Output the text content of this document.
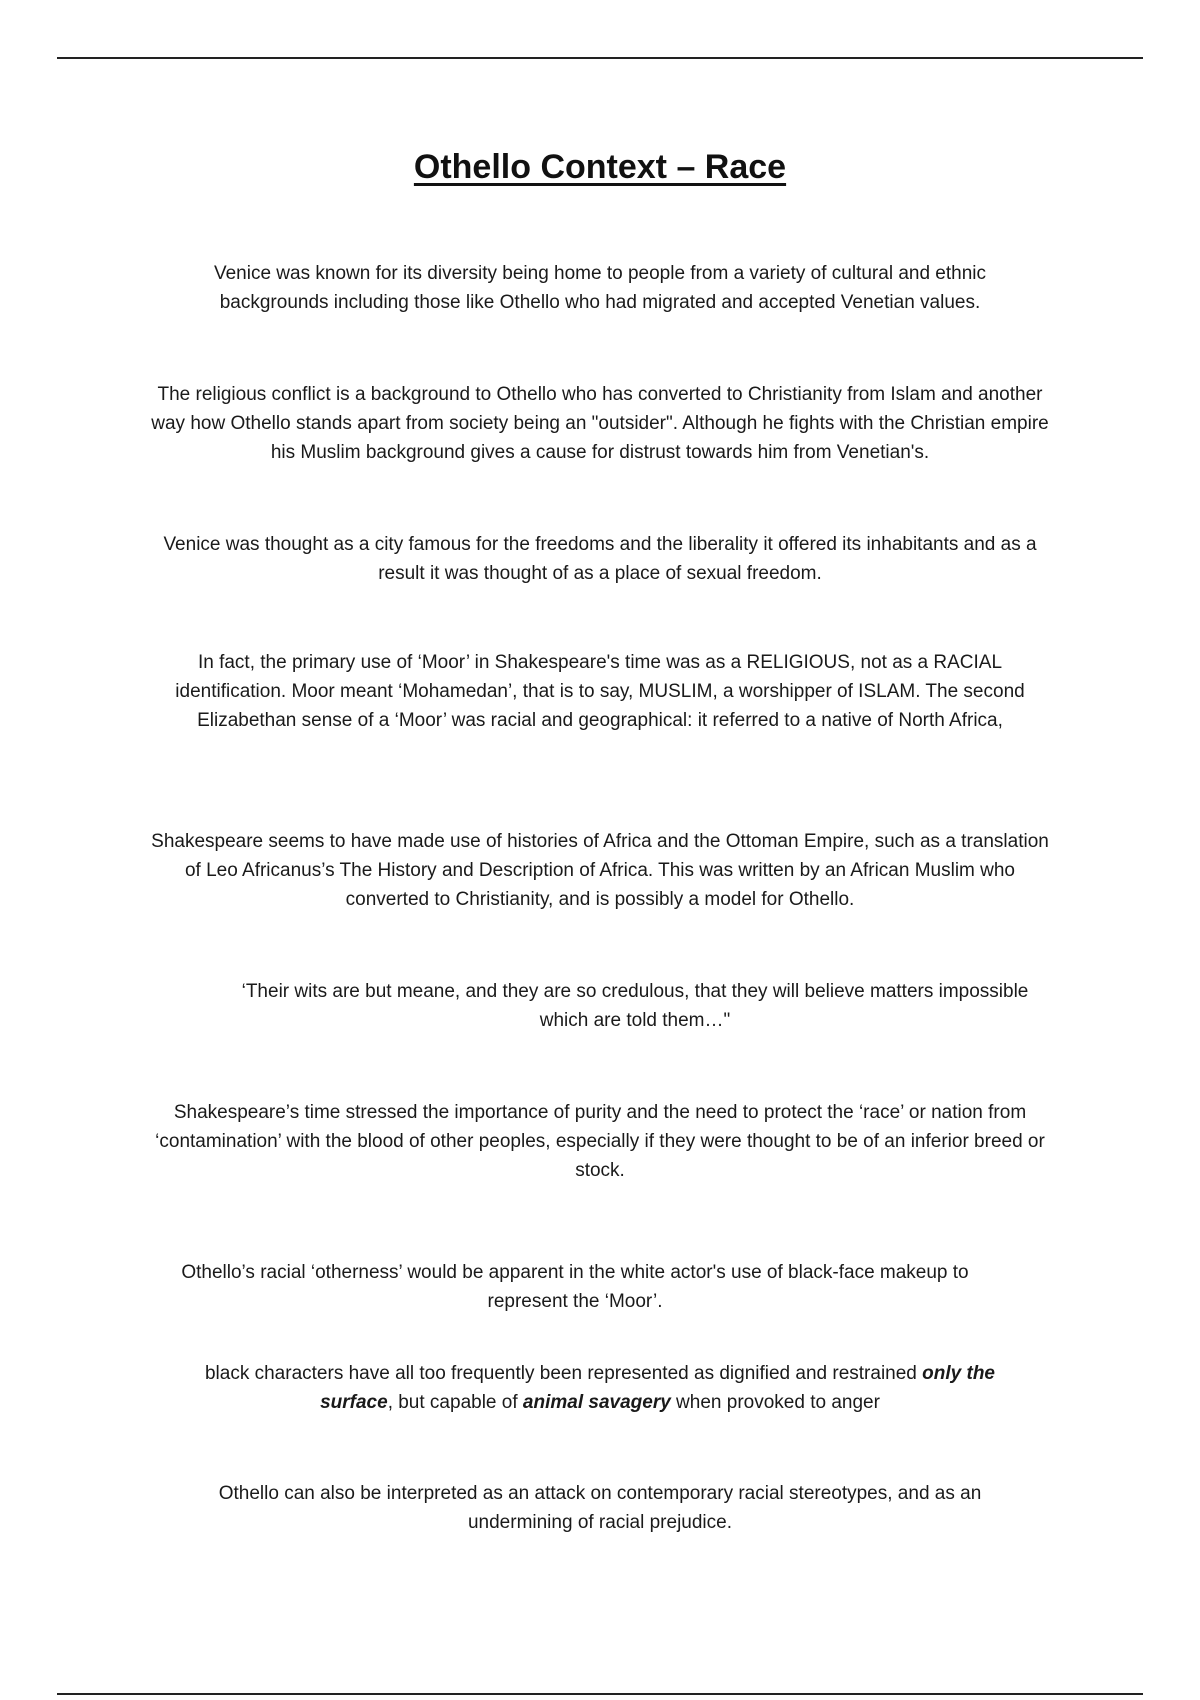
Othello Context – Race

Venice was known for its diversity being home to people from a variety of cultural and ethnic backgrounds including those like Othello who had migrated and accepted Venetian values.

The religious conflict is a background to Othello who has converted to Christianity from Islam and another way how Othello stands apart from society being an "outsider". Although he fights with the Christian empire his Muslim background gives a cause for distrust towards him from Venetian's.

Venice was thought as a city famous for the freedoms and the liberality it offered its inhabitants and as a result it was thought of as a place of sexual freedom.

In fact, the primary use of ‘Moor’ in Shakespeare's time was as a RELIGIOUS, not as a RACIAL identification. Moor meant ‘Mohamedan’, that is to say, MUSLIM, a worshipper of ISLAM. The second Elizabethan sense of a ‘Moor’ was racial and geographical: it referred to a native of North Africa,

Shakespeare seems to have made use of histories of Africa and the Ottoman Empire, such as a translation of Leo Africanus’s The History and Description of Africa. This was written by an African Muslim who converted to Christianity, and is possibly a model for Othello.

‘Their wits are but meane, and they are so credulous, that they will believe matters impossible which are told them…"

Shakespeare’s time stressed the importance of purity and the need to protect the ‘race’ or nation from ‘contamination’ with the blood of other peoples, especially if they were thought to be of an inferior breed or stock.

Othello’s racial ‘otherness’ would be apparent in the white actor's use of black-face makeup to represent the ‘Moor’.

black characters have all too frequently been represented as dignified and restrained only the surface, but capable of animal savagery when provoked to anger

Othello can also be interpreted as an attack on contemporary racial stereotypes, and as an undermining of racial prejudice.
